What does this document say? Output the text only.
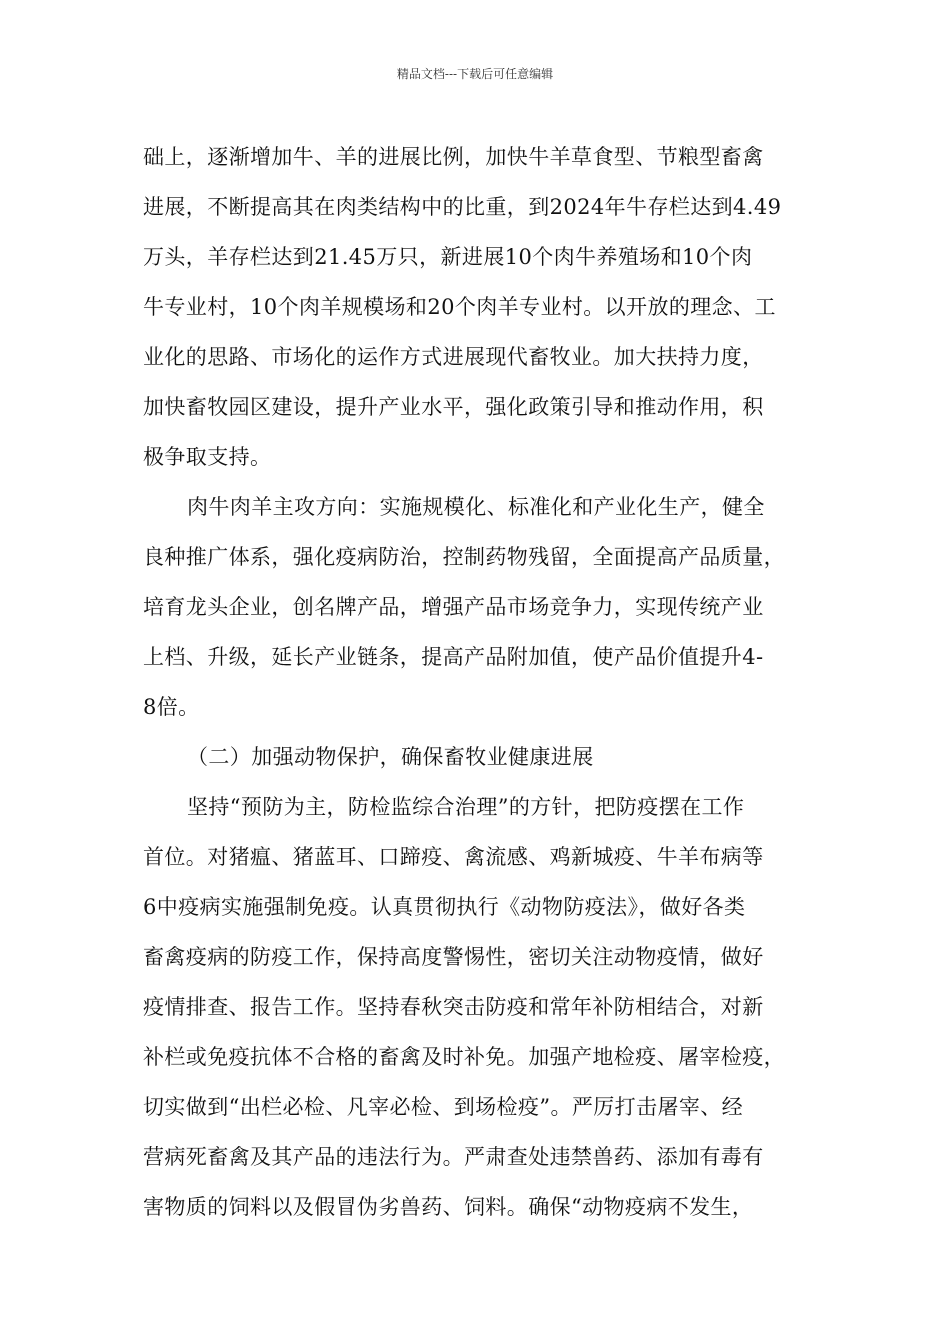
精品文档---下载后可任意编辑
础上，逐渐增加牛、羊的进展比例，加快牛羊草食型、节粮型畜禽
进展，不断提高其在肉类结构中的比重，到2024年牛存栏达到4.49
万头，羊存栏达到21.45万只，新进展10个肉牛养殖场和10个肉
牛专业村，10个肉羊规模场和20个肉羊专业村。以开放的理念、工
业化的思路、市场化的运作方式进展现代畜牧业。加大扶持力度，
加快畜牧园区建设，提升产业水平，强化政策引导和推动作用，积
极争取支持。
肉牛肉羊主攻方向：实施规模化、标准化和产业化生产，健全
良种推广体系，强化疫病防治，控制药物残留，全面提高产品质量，
培育龙头企业，创名牌产品，增强产品市场竞争力，实现传统产业
上档、升级，延长产业链条，提高产品附加值，使产品价值提升4-
8倍。
（二）加强动物保护，确保畜牧业健康进展
坚持“预防为主，防检监综合治理”的方针，把防疫摆在工作
首位。对猪瘟、猪蓝耳、口蹄疫、禽流感、鸡新城疫、牛羊布病等
6中疫病实施强制免疫。认真贯彻执行《动物防疫法》，做好各类
畜禽疫病的防疫工作，保持高度警惕性，密切关注动物疫情，做好
疫情排查、报告工作。坚持春秋突击防疫和常年补防相结合，对新
补栏或免疫抗体不合格的畜禽及时补免。加强产地检疫、屠宰检疫，
切实做到“出栏必检、凡宰必检、到场检疫”。严厉打击屠宰、经
营病死畜禽及其产品的违法行为。严肃查处违禁兽药、添加有毒有
害物质的饲料以及假冒伪劣兽药、饲料。确保“动物疫病不发生，
